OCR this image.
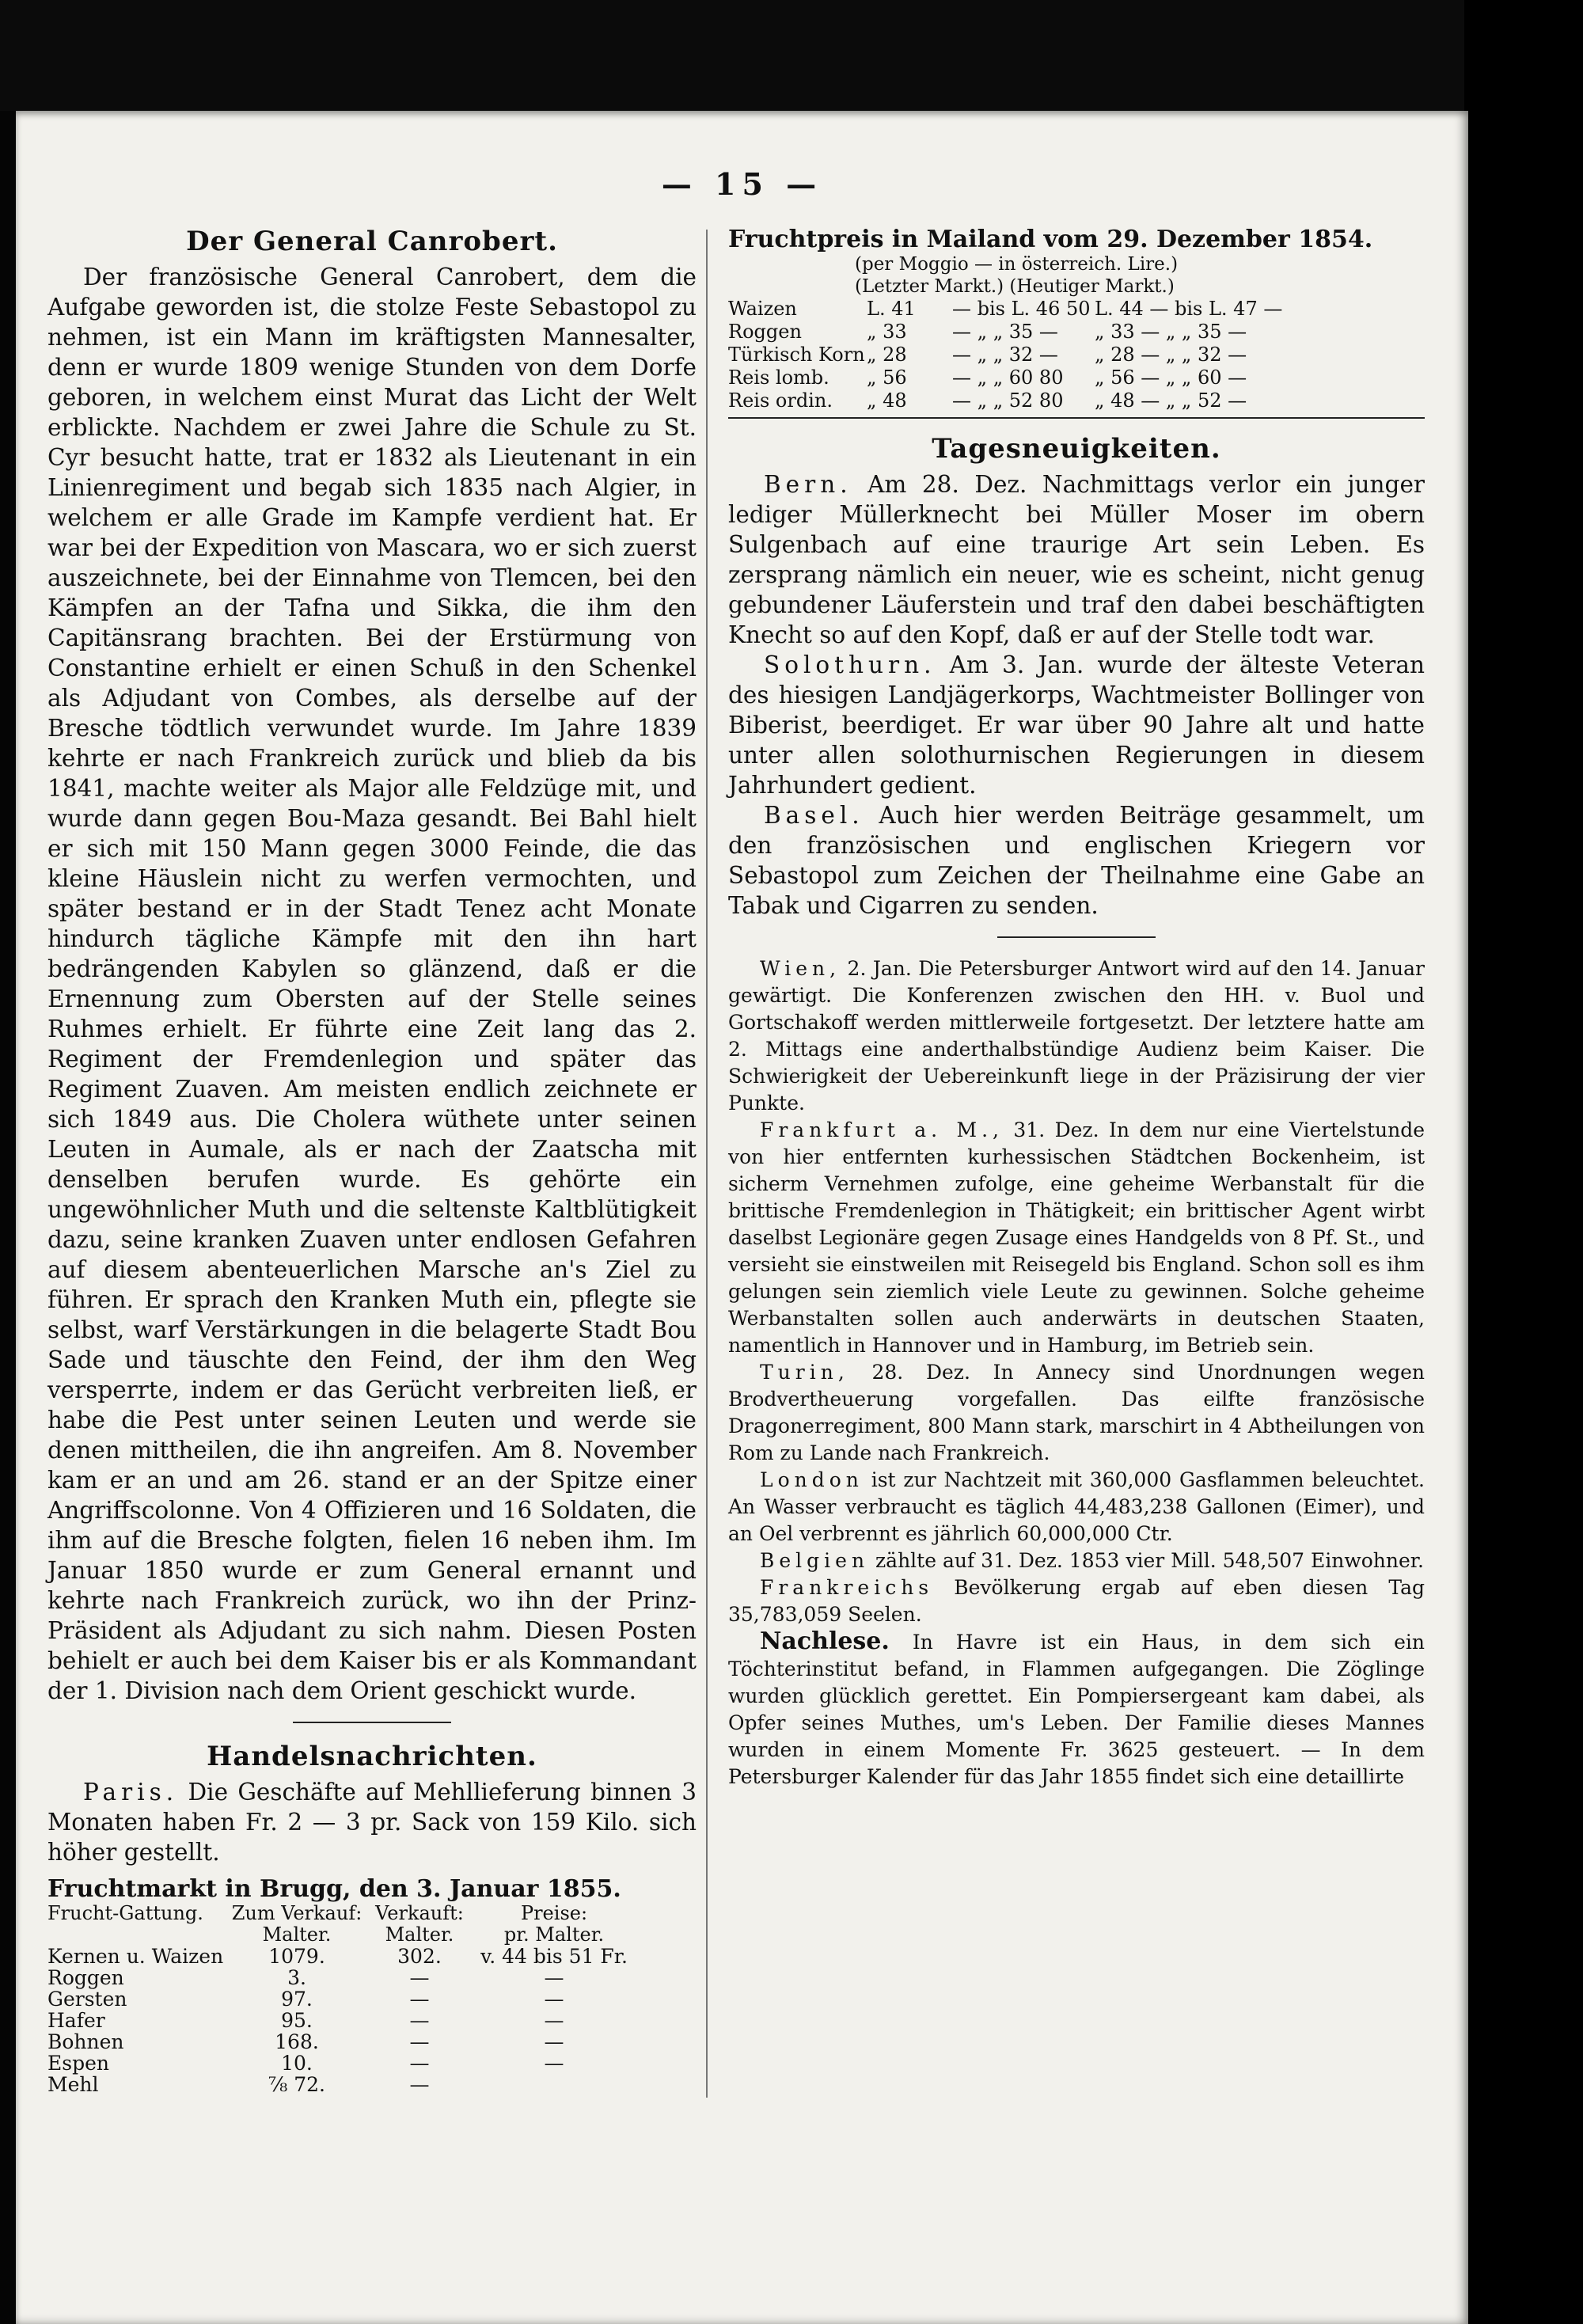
— 15 —
Der General Canrobert.

Der französische General Canrobert, dem die Aufgabe geworden ist, die stolze Feste Sebastopol zu nehmen, ist ein Mann im kräftigsten Mannesalter, denn er wurde 1809 wenige Stunden von dem Dorfe geboren, in welchem einst Murat das Licht der Welt erblickte. Nachdem er zwei Jahre die Schule zu St. Cyr besucht hatte, trat er 1832 als Lieutenant in ein Linienregiment und begab sich 1835 nach Algier, in welchem er alle Grade im Kampfe verdient hat. Er war bei der Expedition von Mascara, wo er sich zuerst auszeichnete, bei der Einnahme von Tlemcen, bei den Kämpfen an der Tafna und Sikka, die ihm den Capitänsrang brachten. Bei der Erstürmung von Constantine erhielt er einen Schuß in den Schenkel als Adjudant von Combes, als derselbe auf der Bresche tödtlich verwundet wurde. Im Jahre 1839 kehrte er nach Frankreich zurück und blieb da bis 1841, machte weiter als Major alle Feldzüge mit, und wurde dann gegen Bou-Maza gesandt. Bei Bahl hielt er sich mit 150 Mann gegen 3000 Feinde, die das kleine Häuslein nicht zu werfen vermochten, und später bestand er in der Stadt Tenez acht Monate hindurch tägliche Kämpfe mit den ihn hart bedrängenden Kabylen so glänzend, daß er die Ernennung zum Obersten auf der Stelle seines Ruhmes erhielt. Er führte eine Zeit lang das 2. Regiment der Fremdenlegion und später das Regiment Zuaven. Am meisten endlich zeichnete er sich 1849 aus. Die Cholera wüthete unter seinen Leuten in Aumale, als er nach der Zaatscha mit denselben berufen wurde. Es gehörte ein ungewöhnlicher Muth und die seltenste Kaltblütigkeit dazu, seine kranken Zuaven unter endlosen Gefahren auf diesem abenteuerlichen Marsche an's Ziel zu führen. Er sprach den Kranken Muth ein, pflegte sie selbst, warf Verstärkungen in die belagerte Stadt Bou Sade und täuschte den Feind, der ihm den Weg versperrte, indem er das Gerücht verbreiten ließ, er habe die Pest unter seinen Leuten und werde sie denen mittheilen, die ihn angreifen. Am 8. November kam er an und am 26. stand er an der Spitze einer Angriffscolonne. Von 4 Offizieren und 16 Soldaten, die ihm auf die Bresche folgten, fielen 16 neben ihm. Im Januar 1850 wurde er zum General ernannt und kehrte nach Frankreich zurück, wo ihn der Prinz-Präsident als Adjudant zu sich nahm. Diesen Posten behielt er auch bei dem Kaiser bis er als Kommandant der 1. Division nach dem Orient geschickt wurde.

Handelsnachrichten.

Paris. Die Geschäfte auf Mehllieferung binnen 3 Monaten haben Fr. 2 — 3 pr. Sack von 159 Kilo. sich höher gestellt.

Fruchtmarkt in Brugg, den 3. Januar 1855.
Frucht-Gattung.	Zum Verkauf:	Verkauft:	Preise:
	Malter.	Malter.	pr. Malter.
Kernen u. Waizen	1079.	302.	v. 44 bis 51 Fr.
Roggen	3.	—	—
Gersten	97.	—	—
Hafer	95.	—	—
Bohnen	168.	—	—
Espen	10.	—	—
Mehl	⅞ 72.	—	
Fruchtpreis in Mailand vom 29. Dezember 1854.
(per Moggio — in österreich. Lire.)
(Letzter Markt.) (Heutiger Markt.)
Waizen	L. 41	— bis L. 46 50	L. 44 — bis L. 47 —
Roggen	„ 33	— „ „ 35 —	„ 33 — „ „ 35 —
Türkisch Korn	„ 28	— „ „ 32 —	„ 28 — „ „ 32 —
Reis lomb.	„ 56	— „ „ 60 80	„ 56 — „ „ 60 —
Reis ordin.	„ 48	— „ „ 52 80	„ 48 — „ „ 52 —
Tagesneuigkeiten.

Bern. Am 28. Dez. Nachmittags verlor ein junger lediger Müllerknecht bei Müller Moser im obern Sulgenbach auf eine traurige Art sein Leben. Es zersprang nämlich ein neuer, wie es scheint, nicht genug gebundener Läuferstein und traf den dabei beschäftigten Knecht so auf den Kopf, daß er auf der Stelle todt war.

Solothurn. Am 3. Jan. wurde der älteste Veteran des hiesigen Landjägerkorps, Wachtmeister Bollinger von Biberist, beerdiget. Er war über 90 Jahre alt und hatte unter allen solothurnischen Regierungen in diesem Jahrhundert gedient.

Basel. Auch hier werden Beiträge gesammelt, um den französischen und englischen Kriegern vor Sebastopol zum Zeichen der Theilnahme eine Gabe an Tabak und Cigarren zu senden.

Wien, 2. Jan. Die Petersburger Antwort wird auf den 14. Januar gewärtigt. Die Konferenzen zwischen den HH. v. Buol und Gortschakoff werden mittlerweile fortgesetzt. Der letztere hatte am 2. Mittags eine anderthalbstündige Audienz beim Kaiser. Die Schwierigkeit der Uebereinkunft liege in der Präzisirung der vier Punkte.

Frankfurt a. M., 31. Dez. In dem nur eine Viertelstunde von hier entfernten kurhessischen Städtchen Bockenheim, ist sicherm Vernehmen zufolge, eine geheime Werbanstalt für die brittische Fremdenlegion in Thätigkeit; ein brittischer Agent wirbt daselbst Legionäre gegen Zusage eines Handgelds von 8 Pf. St., und versieht sie einstweilen mit Reisegeld bis England. Schon soll es ihm gelungen sein ziemlich viele Leute zu gewinnen. Solche geheime Werbanstalten sollen auch anderwärts in deutschen Staaten, namentlich in Hannover und in Hamburg, im Betrieb sein.

Turin, 28. Dez. In Annecy sind Unordnungen wegen Brodvertheuerung vorgefallen. Das eilfte französische Dragonerregiment, 800 Mann stark, marschirt in 4 Abtheilungen von Rom zu Lande nach Frankreich.

London ist zur Nachtzeit mit 360,000 Gasflammen beleuchtet. An Wasser verbraucht es täglich 44,483,238 Gallonen (Eimer), und an Oel verbrennt es jährlich 60,000,000 Ctr.

Belgien zählte auf 31. Dez. 1853 vier Mill. 548,507 Einwohner.

Frankreichs Bevölkerung ergab auf eben diesen Tag 35,783,059 Seelen.

Nachlese. In Havre ist ein Haus, in dem sich ein Töchterinstitut befand, in Flammen aufgegangen. Die Zöglinge wurden glücklich gerettet. Ein Pompiersergeant kam dabei, als Opfer seines Muthes, um's Leben. Der Familie dieses Mannes wurden in einem Momente Fr. 3625 gesteuert. — In dem Petersburger Kalender für das Jahr 1855 findet sich eine detaillirte
